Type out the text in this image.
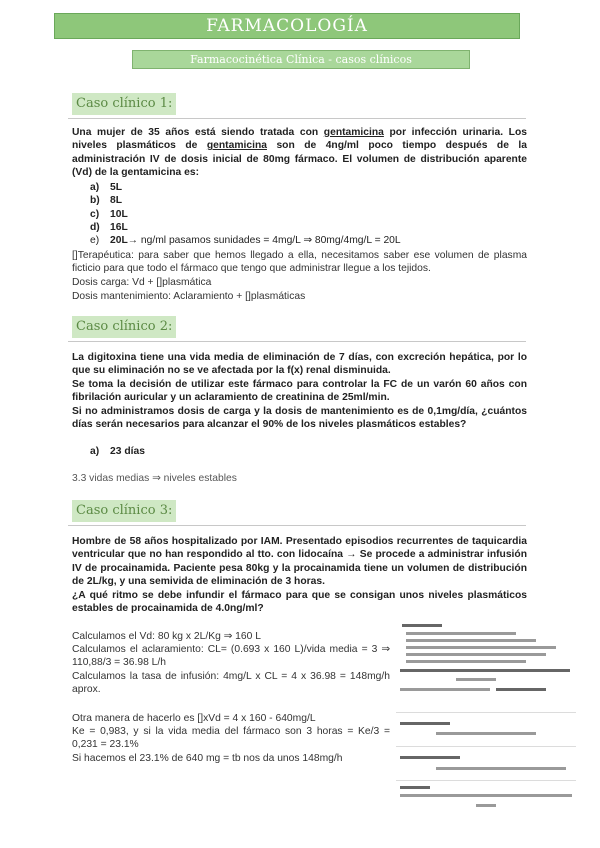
FARMACOLOGÍA
Farmacocinética Clínica - casos clínicos
Caso clínico 1:
Una mujer de 35 años está siendo tratada con gentamicina por infección urinaria. Los niveles plasmáticos de gentamicina son de 4ng/ml poco tiempo después de la administración IV de dosis inicial de 80mg fármaco. El volumen de distribución aparente (Vd) de la gentamicina es:
a) 5L
b) 8L
c) 10L
d) 16L
e) 20L→ ng/ml pasamos sunidades = 4mg/L ⇒ 80mg/4mg/L = 20L
[]Terapéutica: para saber que hemos llegado a ella, necesitamos saber ese volumen de plasma ficticio para que todo el fármaco que tengo que administrar llegue a los tejidos.
Dosis carga: Vd + []plasmática
Dosis mantenimiento: Aclaramiento + []plasmáticas
Caso clínico 2:
La digitoxina tiene una vida media de eliminación de 7 días, con excreción hepática, por lo que su eliminación no se ve afectada por la f(x) renal disminuida.
Se toma la decisión de utilizar este fármaco para controlar la FC de un varón 60 años con fibrilación auricular y un aclaramiento de creatinina de 25ml/min.
Si no administramos dosis de carga y la dosis de mantenimiento es de 0,1mg/día, ¿cuántos días serán necesarios para alcanzar el 90% de los niveles plasmáticos estables?
a) 23 días
3.3 vidas medias ⇒ niveles estables
Caso clínico 3:
Hombre de 58 años hospitalizado por IAM. Presentado episodios recurrentes de taquicardia ventricular que no han respondido al tto. con lidocaína → Se procede a administrar infusión IV de procainamida. Paciente pesa 80kg y la procainamida tiene un volumen de distribución de 2L/kg, y una semivida de eliminación de 3 horas.
¿A qué ritmo se debe infundir el fármaco para que se consigan unos niveles plasmáticos estables de procainamida de 4.0ng/ml?
Calculamos el Vd: 80 kg x 2L/Kg ⇒ 160 L
Calculamos el aclaramiento: CL= (0.693 x 160 L)/vida media = 3 ⇒ 110,88/3 = 36.98 L/h
Calculamos la tasa de infusión: 4mg/L x CL = 4 x 36.98 = 148mg/h aprox.
Otra manera de hacerlo es []xVd = 4 x 160 - 640mg/L
Ke = 0,983, y si la vida media del fármaco son 3 horas = Ke/3 = 0,231 = 23.1%
Si hacemos el 23.1% de 640 mg = tb nos da unos 148mg/h
